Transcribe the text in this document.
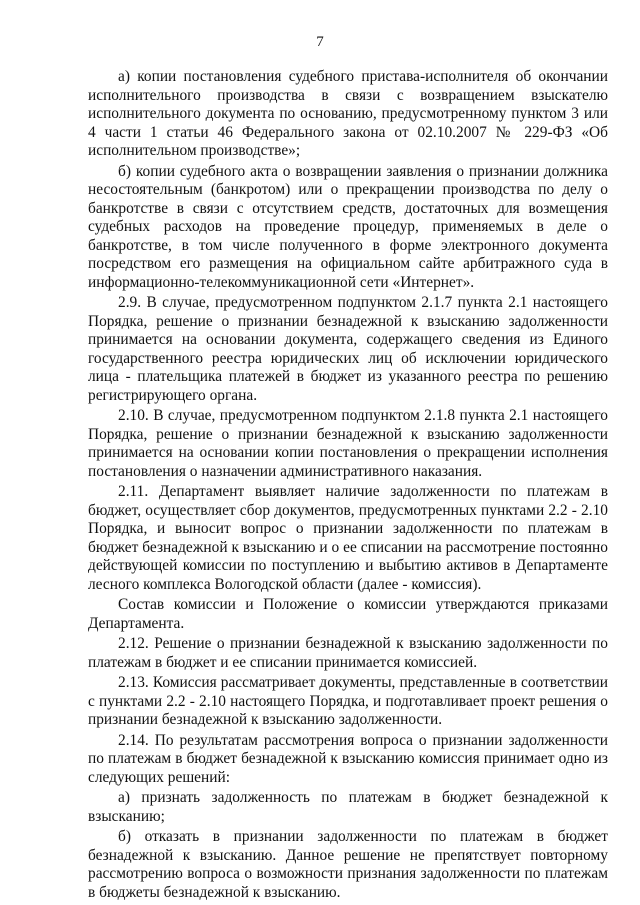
7

а) копии постановления судебного пристава-исполнителя об окончании исполнительного производства в связи с возвращением взыскателю исполнительного документа по основанию, предусмотренному пунктом 3 или 4 части 1 статьи 46 Федерального закона от 02.10.2007 № 229-ФЗ «Об исполнительном производстве»;

б) копии судебного акта о возвращении заявления о признании должника несостоятельным (банкротом) или о прекращении производства по делу о банкротстве в связи с отсутствием средств, достаточных для возмещения судебных расходов на проведение процедур, применяемых в деле о банкротстве, в том числе полученного в форме электронного документа посредством его размещения на официальном сайте арбитражного суда в информационно-телекоммуникационной сети «Интернет».

2.9. В случае, предусмотренном подпунктом 2.1.7 пункта 2.1 настоящего Порядка, решение о признании безнадежной к взысканию задолженности принимается на основании документа, содержащего сведения из Единого государственного реестра юридических лиц об исключении юридического лица - плательщика платежей в бюджет из указанного реестра по решению регистрирующего органа.

2.10. В случае, предусмотренном подпунктом 2.1.8 пункта 2.1 настоящего Порядка, решение о признании безнадежной к взысканию задолженности принимается на основании копии постановления о прекращении исполнения постановления о назначении административного наказания.

2.11. Департамент выявляет наличие задолженности по платежам в бюджет, осуществляет сбор документов, предусмотренных пунктами 2.2 - 2.10 Порядка, и выносит вопрос о признании задолженности по платежам в бюджет безнадежной к взысканию и о ее списании на рассмотрение постоянно действующей комиссии по поступлению и выбытию активов в Департаменте лесного комплекса Вологодской области (далее - комиссия).

Состав комиссии и Положение о комиссии утверждаются приказами Департамента.

2.12. Решение о признании безнадежной к взысканию задолженности по платежам в бюджет и ее списании принимается комиссией.

2.13. Комиссия рассматривает документы, представленные в соответствии с пунктами 2.2 - 2.10 настоящего Порядка, и подготавливает проект решения о признании безнадежной к взысканию задолженности.

2.14. По результатам рассмотрения вопроса о признании задолженности по платежам в бюджет безнадежной к взысканию комиссия принимает одно из следующих решений:

а) признать задолженность по платежам в бюджет безнадежной к взысканию;

б) отказать в признании задолженности по платежам в бюджет безнадежной к взысканию. Данное решение не препятствует повторному рассмотрению вопроса о возможности признания задолженности по платежам в бюджеты безнадежной к взысканию.
